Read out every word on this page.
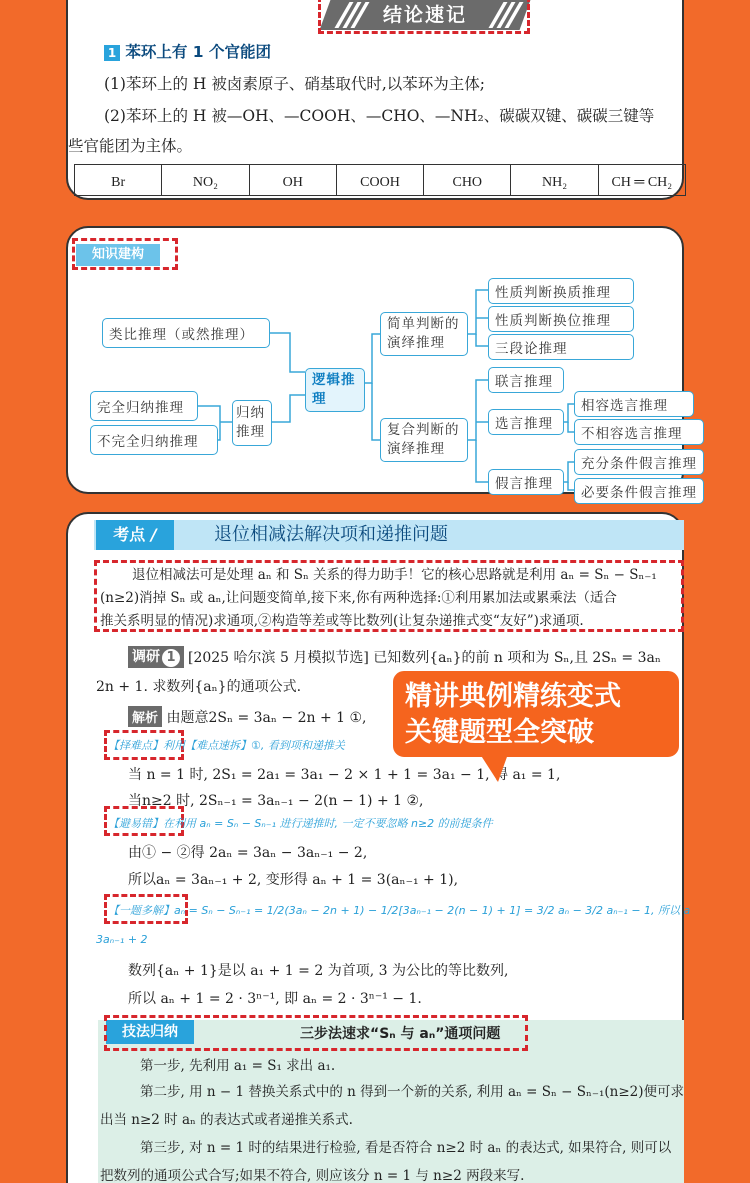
结论速记
1 苯环上有 1 个官能团
(1)苯环上的 H 被卤素原子、硝基取代时,以苯环为主体;
(2)苯环上的 H 被—OH、—COOH、—CHO、—NH₂、碳碳双键、碳碳三键等
些官能团为主体。
Br	NO₂	OH	COOH	CHO	NH₂	CH ═ CH₂
知识建构
类比推理（或然推理）
完全归纳推理
不完全归纳推理
归纳推理
逻辑推理
简单判断的演绎推理
复合判断的演绎推理
性质判断换质推理
性质判断换位推理
三段论推理
联言推理
选言推理
假言推理
相容选言推理
不相容选言推理
充分条件假言推理
必要条件假言推理
考点 /	退位相减法解决项和递推问题
退位相减法可是处理 aₙ 和 Sₙ 关系的得力助手！它的核心思路就是利用 aₙ = Sₙ − Sₙ₋₁
(n≥2)消掉 Sₙ 或 aₙ,让问题变简单,接下来,你有两种选择:①利用累加法或累乘法（适合
推关系明显的情况)求通项,②构造等差或等比数列(让复杂递推式变“友好”)求通项.
调研 1 [2025 哈尔滨 5 月模拟节选] 已知数列{aₙ}的前 n 项和为 Sₙ,且 2Sₙ = 3aₙ
2n + 1. 求数列{aₙ}的通项公式.
解析 由题意2Sₙ = 3aₙ − 2n + 1 ①,
【择难点】利用【难点速拆】①, 看到项和递推关
当 n = 1 时, 2S₁ = 2a₁ = 3a₁ − 2 × 1 + 1 = 3a₁ − 1, 得 a₁ = 1,
当n≥2 时, 2Sₙ₋₁ = 3aₙ₋₁ − 2(n − 1) + 1 ②,
【避易错】在利用 aₙ = Sₙ − Sₙ₋₁ 进行递推时, 一定不要忽略 n≥2 的前提条件
由① − ②得 2aₙ = 3aₙ − 3aₙ₋₁ − 2,
所以aₙ = 3aₙ₋₁ + 2, 变形得 aₙ + 1 = 3(aₙ₋₁ + 1),
【一题多解】aₙ = Sₙ − Sₙ₋₁ = 1/2(3aₙ − 2n + 1) − 1/2[3aₙ₋₁ − 2(n − 1) + 1] = 3/2 aₙ − 3/2 aₙ₋₁ − 1, 所以 a
3aₙ₋₁ + 2
数列{aₙ + 1}是以 a₁ + 1 = 2 为首项, 3 为公比的等比数列,
所以 aₙ + 1 = 2 · 3ⁿ⁻¹, 即 aₙ = 2 · 3ⁿ⁻¹ − 1.
技法归纳	三步法速求“Sₙ 与 aₙ”通项问题
第一步, 先利用 a₁ = S₁ 求出 a₁.
第二步, 用 n − 1 替换关系式中的 n 得到一个新的关系, 利用 aₙ = Sₙ − Sₙ₋₁(n≥2)便可求
出当 n≥2 时 aₙ 的表达式或者递推关系式.
第三步, 对 n = 1 时的结果进行检验, 看是否符合 n≥2 时 aₙ 的表达式, 如果符合, 则可以
把数列的通项公式合写;如果不符合, 则应该分 n = 1 与 n≥2 两段来写.
精讲典例精练变式
关键题型全突破
